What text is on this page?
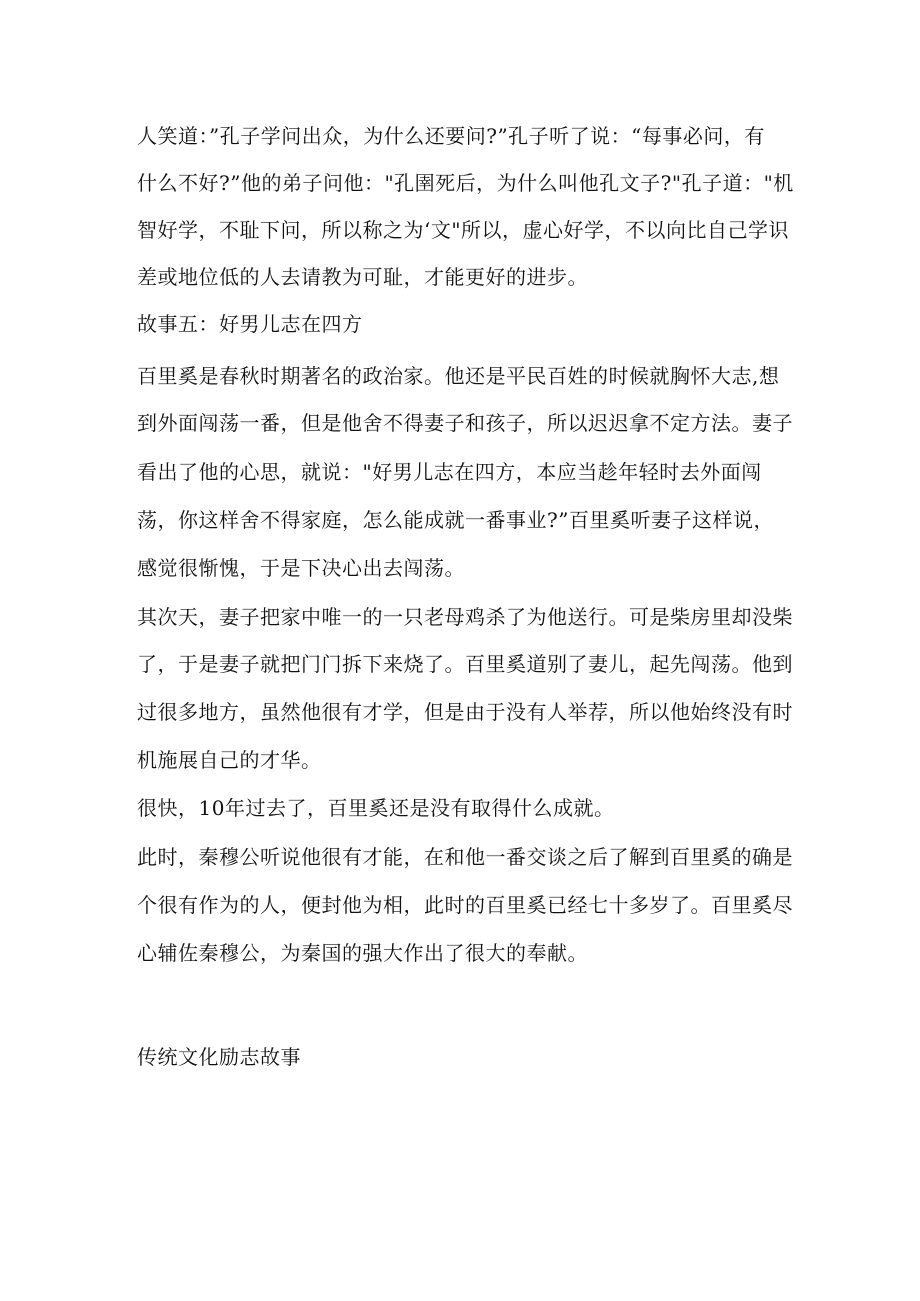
人笑道：”孔子学问出众，为什么还要问?”孔子听了说：“每事必问，有
什么不好?”他的弟子问他："孔圉死后，为什么叫他孔文子?"孔子道："机
智好学，不耻下问，所以称之为‘文"所以，虚心好学，不以向比自己学识
差或地位低的人去请教为可耻，才能更好的进步。
故事五：好男儿志在四方
百里奚是春秋时期著名的政治家。他还是平民百姓的时候就胸怀大志,想
到外面闯荡一番，但是他舍不得妻子和孩子，所以迟迟拿不定方法。妻子
看出了他的心思，就说："好男儿志在四方，本应当趁年轻时去外面闯
荡，你这样舍不得家庭，怎么能成就一番事业?”百里奚听妻子这样说，
感觉很惭愧，于是下决心出去闯荡。
其次天，妻子把家中唯一的一只老母鸡杀了为他送行。可是柴房里却没柴
了，于是妻子就把门门拆下来烧了。百里奚道别了妻儿，起先闯荡。他到
过很多地方，虽然他很有才学，但是由于没有人举荐，所以他始终没有时
机施展自己的才华。
很快，10年过去了，百里奚还是没有取得什么成就。
此时，秦穆公听说他很有才能，在和他一番交谈之后了解到百里奚的确是
个很有作为的人，便封他为相，此时的百里奚已经七十多岁了。百里奚尽
心辅佐秦穆公，为秦国的强大作出了很大的奉献。
传统文化励志故事
